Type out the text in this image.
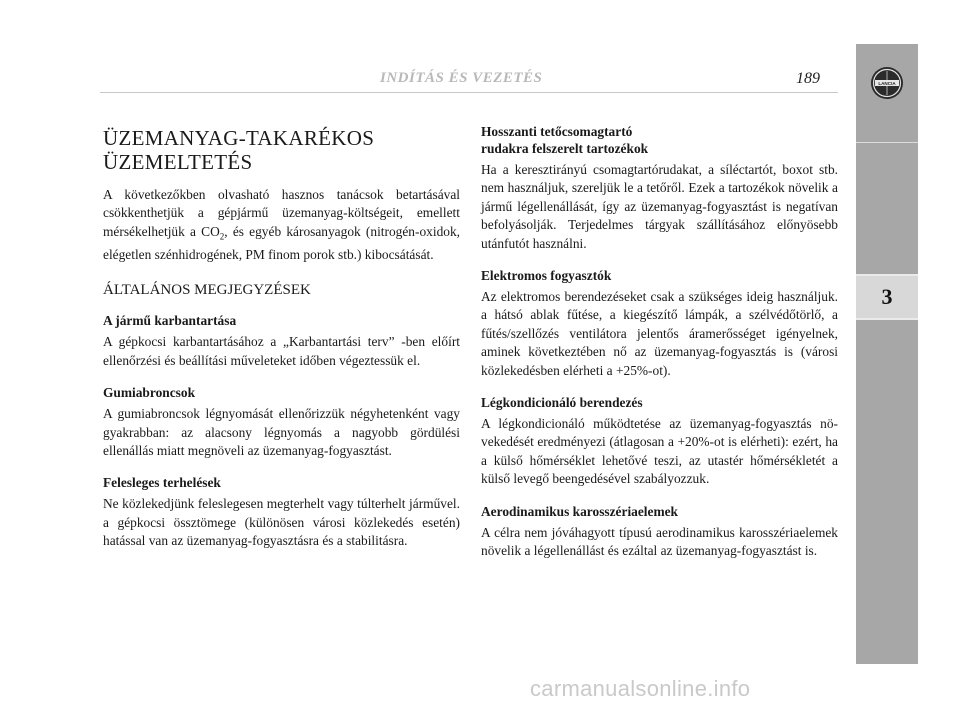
INDÍTÁS ÉS VEZETÉS	189
ÜZEMANYAG-TAKARÉKOS
ÜZEMELTETÉS

A következőkben olvasható hasznos tanácsok betartásával csökkenthetjük a gépjármű üzemanyag-költségeit, emellett mérsékelhetjük a $CO_2$, és egyéb károsanyagok (nitrogén-oxidok, elégetlen szénhidrogének, PM finom porok stb.) kibocsátását.

ÁLTALÁNOS MEGJEGYZÉSEK
A jármű karbantartása

A gépkocsi karbantartásához a „Karbantartási terv” -ben előírt ellenőrzési és beállítási műveleteket időben végeztessük el.

Gumiabroncsok

A gumiabroncsok légnyomását ellenőrizzük négyhetenként vagy gyakrabban: az alacsony légnyomás a nagyobb gördülési ellenállás miatt megnöveli az üzemanyag-fogyasztást.

Felesleges terhelések

Ne közlekedjünk feleslegesen megterhelt vagy túlterhelt járművel. a gépkocsi össztömege (különösen városi közlekedés esetén) hatással van az üzemanyag-fogyasztásra és a stabilitásra.

Hosszanti tetőcsomagtartó
rudakra felszerelt tartozékok

Ha a keresztirányú csomagtartórudakat, a síléctartót, boxot stb. nem használjuk, szereljük le a tetőről. Ezek a tartozékok növelik a jármű légellenállását, így az üzemanyag-fogyasztást is negatívan befolyásolják. Terjedelmes tárgyak szállításához előnyösebb utánfutót használni.

Elektromos fogyasztók

Az elektromos berendezéseket csak a szükséges ideig használjuk. a hátsó ablak fűtése, a kiegészítő lámpák, a szélvédőtörlő, a fűtés/szellőzés ventilátora jelentős áramerősséget igényelnek, aminek következtében nő az üzemanyag-fogyasztás is (városi közlekedésben elérheti a +25%-ot).

Légkondicionáló berendezés

A légkondicionáló működtetése az üzemanyag-fogyasztás növekedését eredményezi (átlagosan a +20%-ot is elérheti): ezért, ha a külső hőmérséklet lehetővé teszi, az utastér hőmérsékletét a külső levegő beengedésével szabályozzuk.

Aerodinamikus karosszériaelemek

A célra nem jóváhagyott típusú aerodinamikus karosszériaelemek növelik a légellenállást és ezáltal az üzemanyag-fogyasztást is.

LANCIA
3
carmanualsonline.info
